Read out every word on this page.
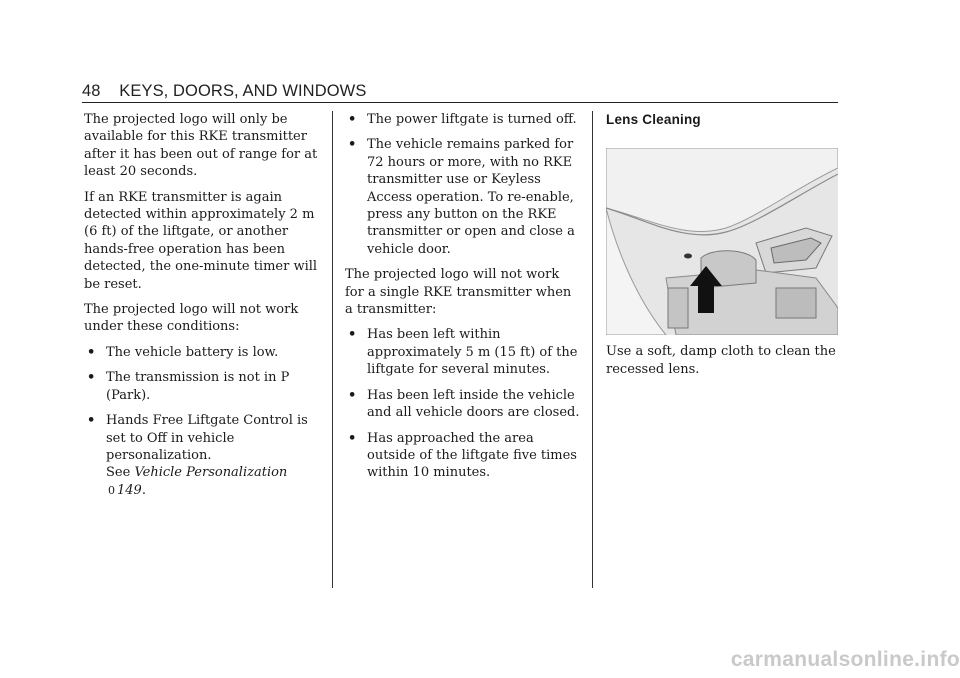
48 KEYS, DOORS, AND WINDOWS

The projected logo will only be available for this RKE transmitter after it has been out of range for at least 20 seconds.

If an RKE transmitter is again detected within approximately 2 m (6 ft) of the liftgate, or another hands-free operation has been detected, the one-minute timer will be reset.

The projected logo will not work under these conditions:

• The vehicle battery is low.
• The transmission is not in P (Park).
• Hands Free Liftgate Control is set to Off in vehicle personalization.
See Vehicle Personalization 0 149.
• The power liftgate is turned off.
• The vehicle remains parked for 72 hours or more, with no RKE transmitter use or Keyless Access operation. To re-enable, press any button on the RKE transmitter or open and close a vehicle door.

The projected logo will not work for a single RKE transmitter when a transmitter:

• Has been left within approximately 5 m (15 ft) of the liftgate for several minutes.
• Has been left inside the vehicle and all vehicle doors are closed.
• Has approached the area outside of the liftgate five times within 10 minutes.
Lens Cleaning

Use a soft, damp cloth to clean the recessed lens.

carmanualsonline.info
